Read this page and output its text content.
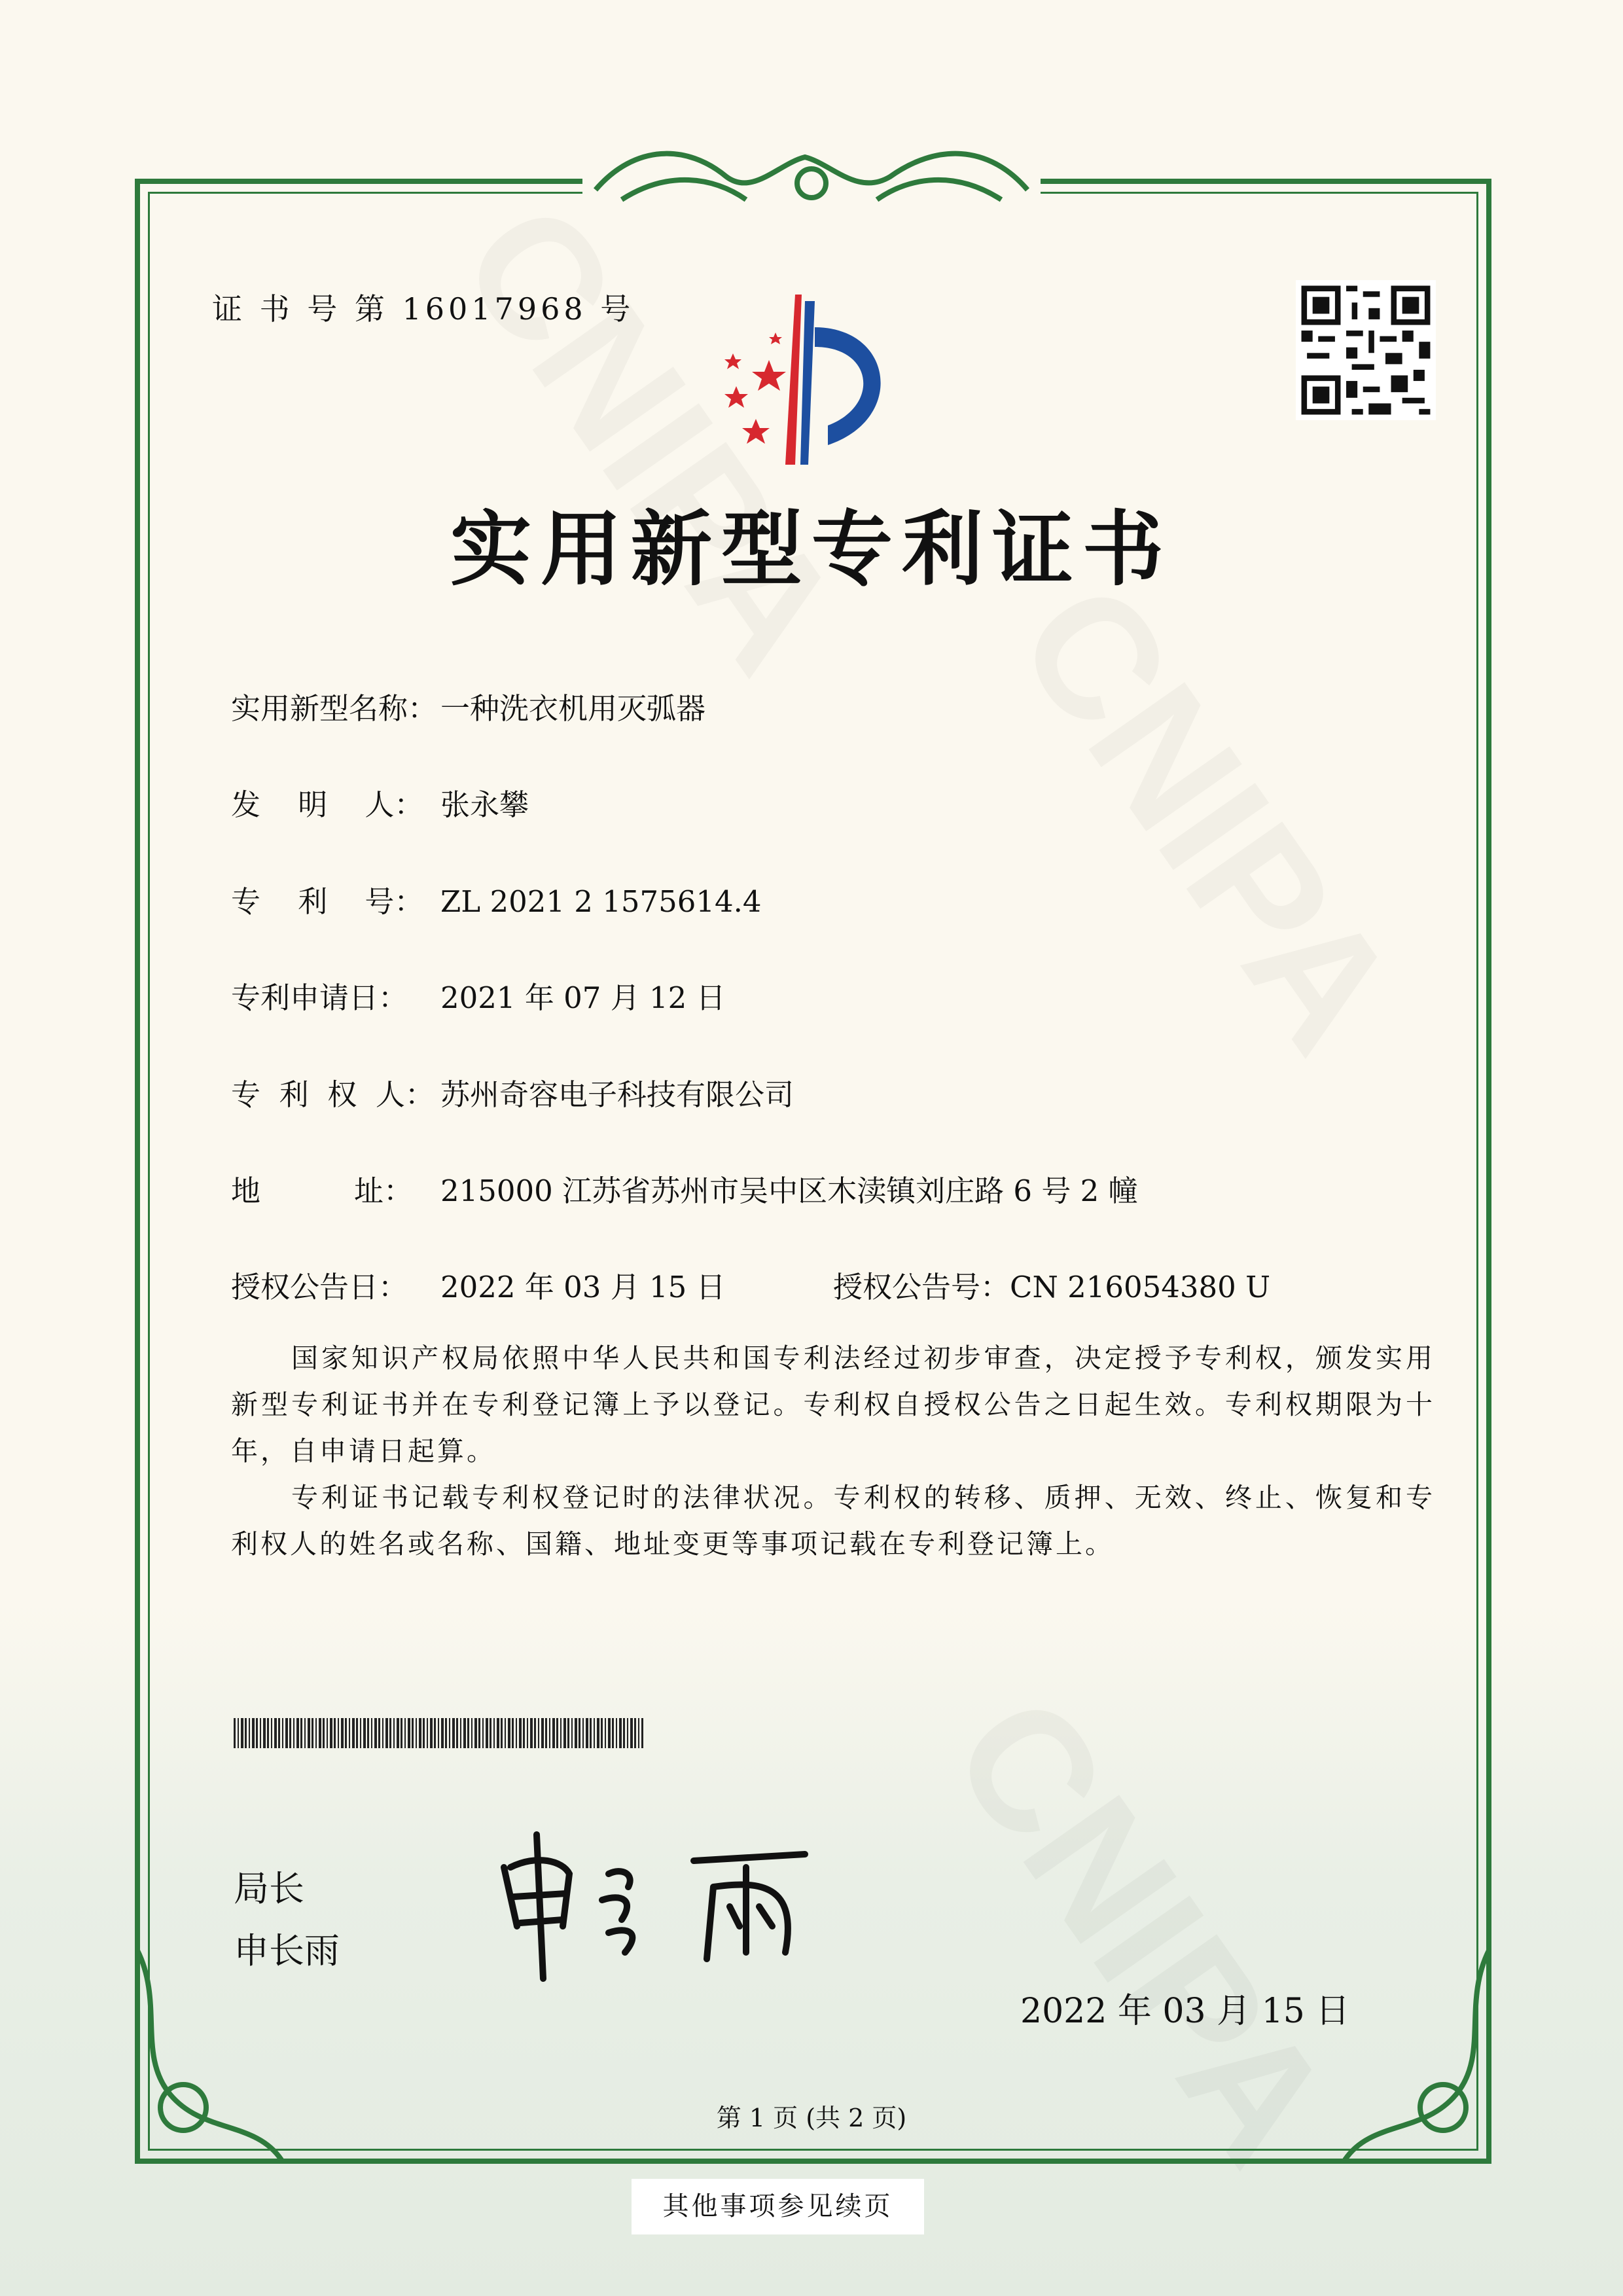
证 书 号 第 16017968 号
实用新型专利证书
实用新型名称： 一种洗衣机用灭弧器
发    明    人： 张永攀
专    利    号： ZL 2021 2 1575614.4
专利申请日： 2021 年 07 月 12 日
专  利  权  人： 苏州奇容电子科技有限公司
地          址： 215000 江苏省苏州市吴中区木渎镇刘庄路 6 号 2 幢
授权公告日： 2022 年 03 月 15 日	授权公告号：CN 216054380 U

国家知识产权局依照中华人民共和国专利法经过初步审查，决定授予专利权，颁发实用新型专利证书并在专利登记簿上予以登记。专利权自授权公告之日起生效。专利权期限为十年，自申请日起算。

专利证书记载专利权登记时的法律状况。专利权的转移、质押、无效、终止、恢复和专利权人的姓名或名称、国籍、地址变更等事项记载在专利登记簿上。

局长
申长雨
2022 年 03 月 15 日
第 1 页 (共 2 页)
其他事项参见续页
